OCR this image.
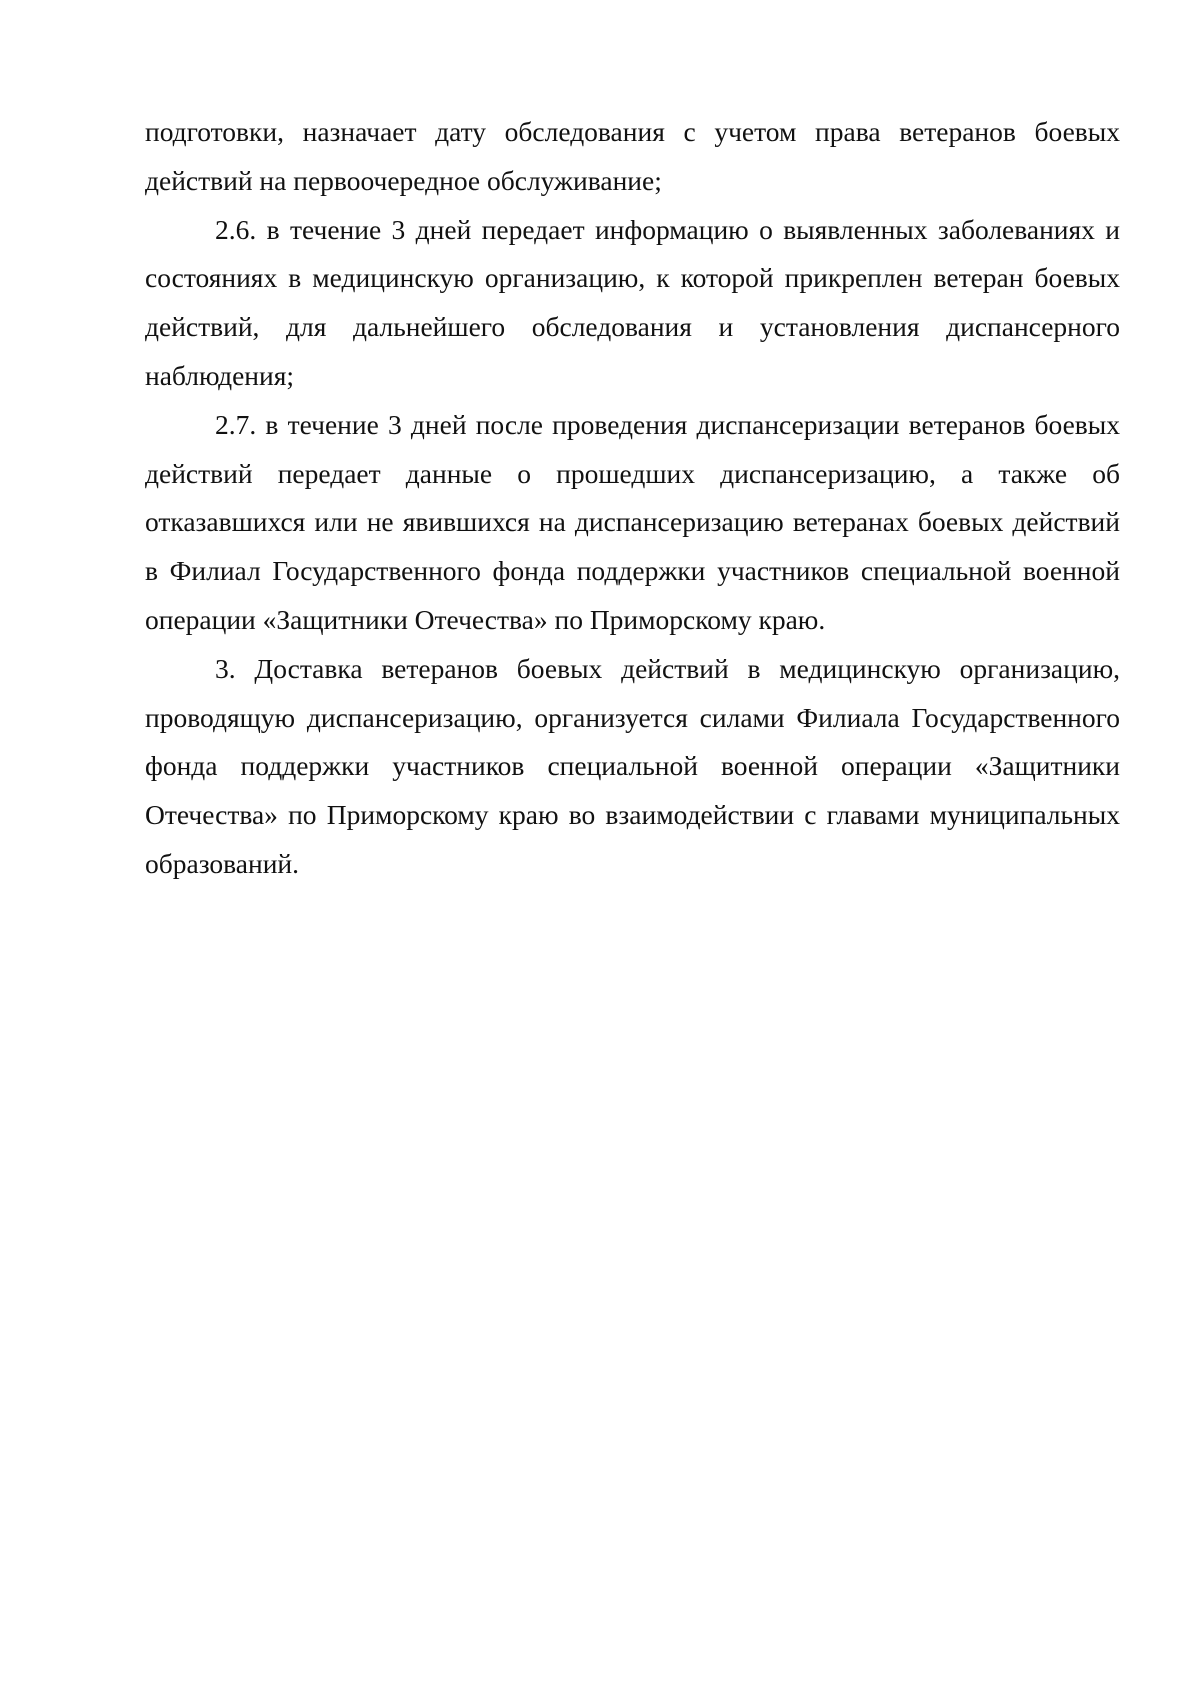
подготовки, назначает дату обследования с учетом права ветеранов боевых действий на первоочередное обслуживание;

2.6. в течение 3 дней передает информацию о выявленных заболеваниях и состояниях в медицинскую организацию, к которой прикреплен ветеран боевых действий, для дальнейшего обследования и установления диспансерного наблюдения;

2.7. в течение 3 дней после проведения диспансеризации ветеранов боевых действий передает данные о прошедших диспансеризацию, а также об отказавшихся или не явившихся на диспансеризацию ветеранах боевых действий в Филиал Государственного фонда поддержки участников специальной военной операции «Защитники Отечества» по Приморскому краю.

3. Доставка ветеранов боевых действий в медицинскую организацию, проводящую диспансеризацию, организуется силами Филиала Государственного фонда поддержки участников специальной военной операции «Защитники Отечества» по Приморскому краю во взаимодействии с главами муниципальных образований.
